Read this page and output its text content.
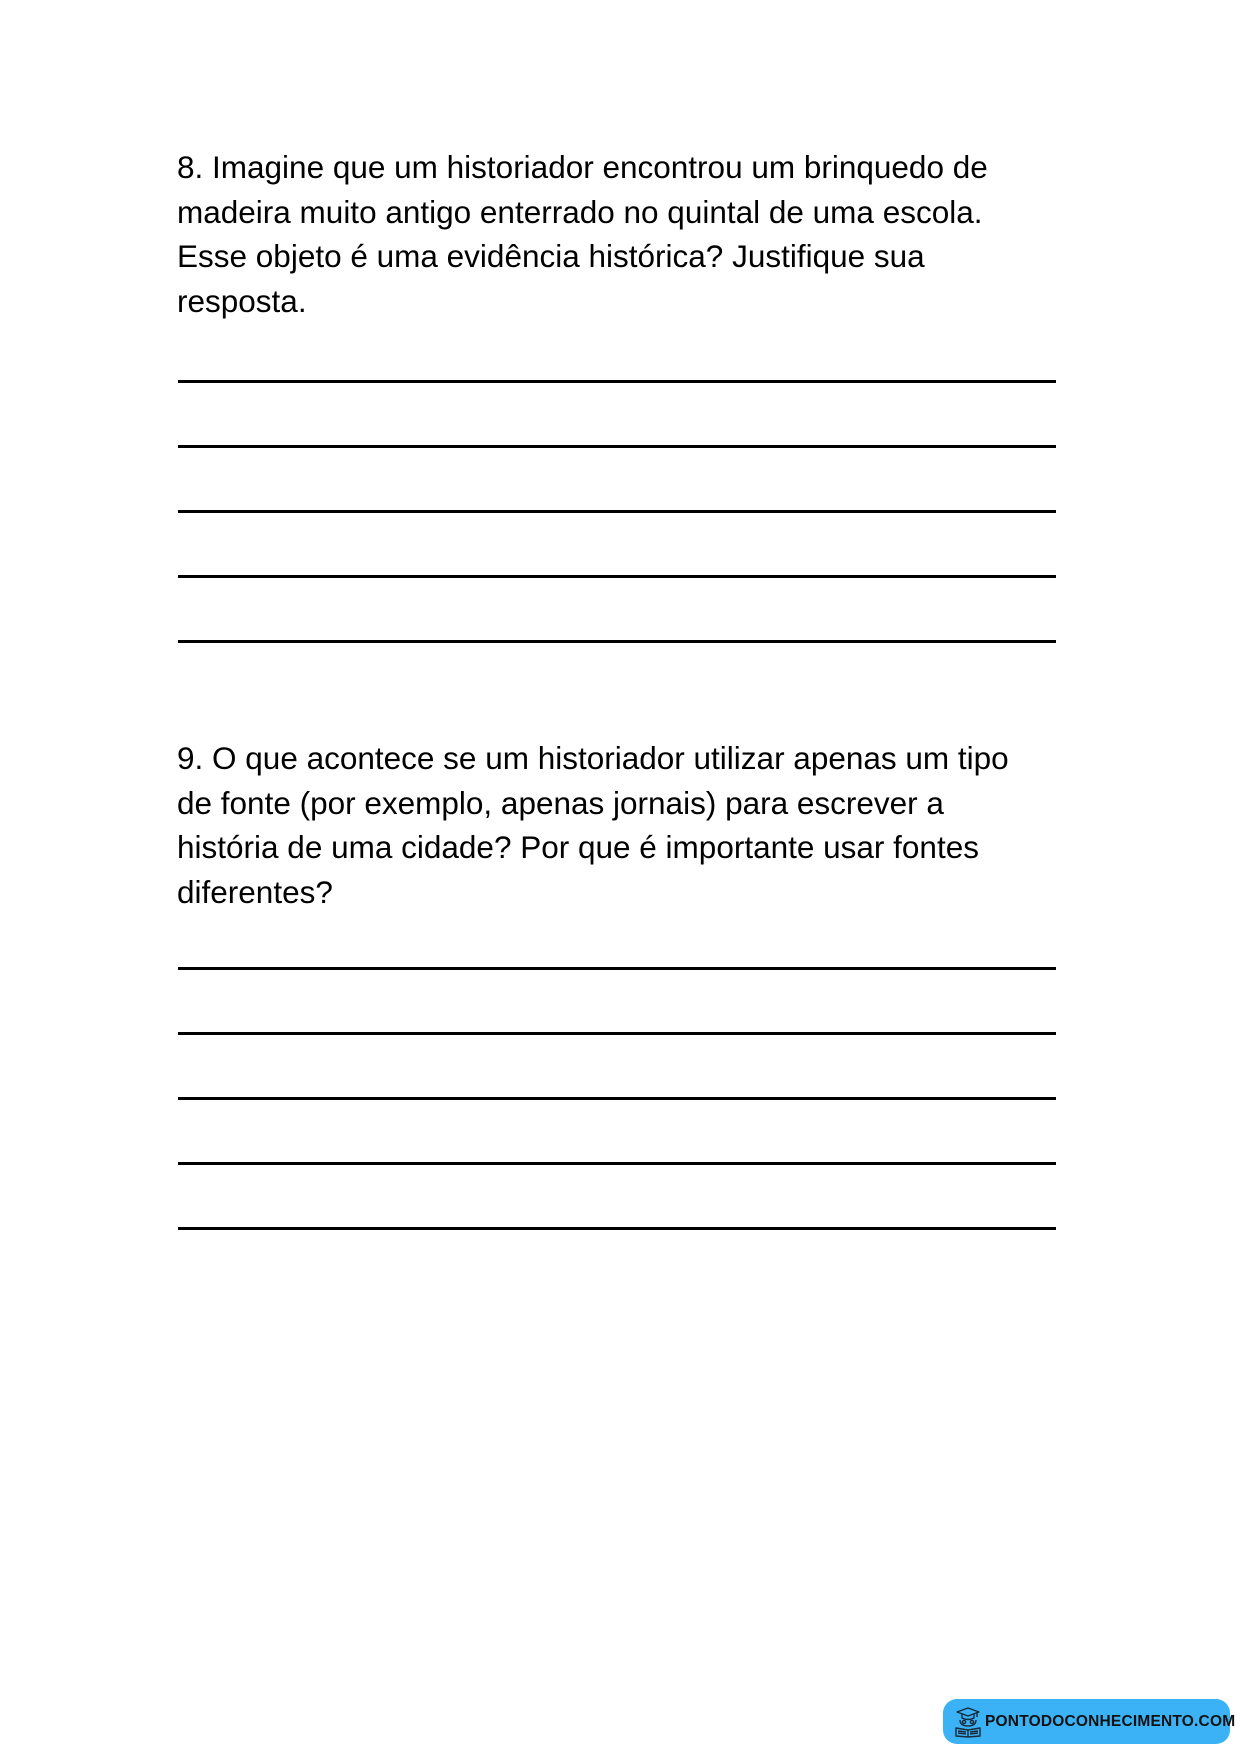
8. Imagine que um historiador encontrou um brinquedo de
madeira muito antigo enterrado no quintal de uma escola.
Esse objeto é uma evidência histórica? Justifique sua
resposta.

9. O que acontece se um historiador utilizar apenas um tipo
de fonte (por exemplo, apenas jornais) para escrever a
história de uma cidade? Por que é importante usar fontes
diferentes?

PONTODOCONHECIMENTO.COM
